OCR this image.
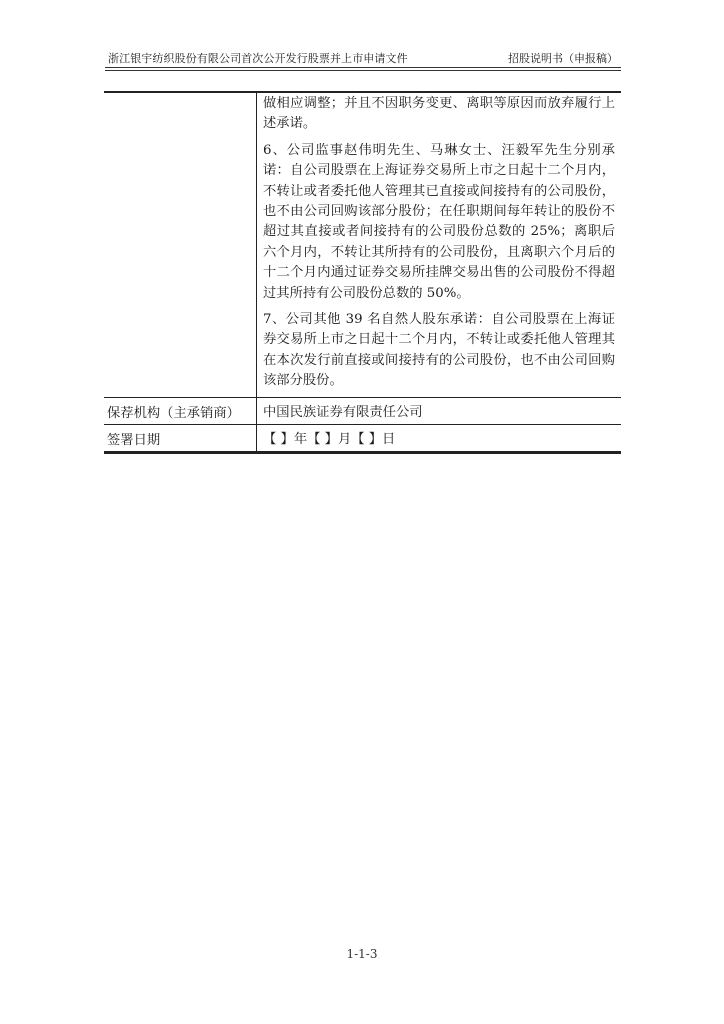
浙江银宇纺织股份有限公司首次公开发行股票并上市申请文件	招股说明书（申报稿）

做相应调整；并且不因职务变更、离职等原因而放弃履行上述承诺。

6、公司监事赵伟明先生、马琳女士、汪毅军先生分别承诺：自公司股票在上海证券交易所上市之日起十二个月内，不转让或者委托他人管理其已直接或间接持有的公司股份，也不由公司回购该部分股份；在任职期间每年转让的股份不超过其直接或者间接持有的公司股份总数的 25%；离职后六个月内，不转让其所持有的公司股份，且离职六个月后的十二个月内通过证券交易所挂牌交易出售的公司股份不得超过其所持有公司股份总数的 50%。

7、公司其他 39 名自然人股东承诺：自公司股票在上海证券交易所上市之日起十二个月内，不转让或委托他人管理其在本次发行前直接或间接持有的公司股份，也不由公司回购该部分股份。

保荐机构（主承销商）	中国民族证券有限责任公司
签署日期	【 】年【 】月【 】日
1-1-3
